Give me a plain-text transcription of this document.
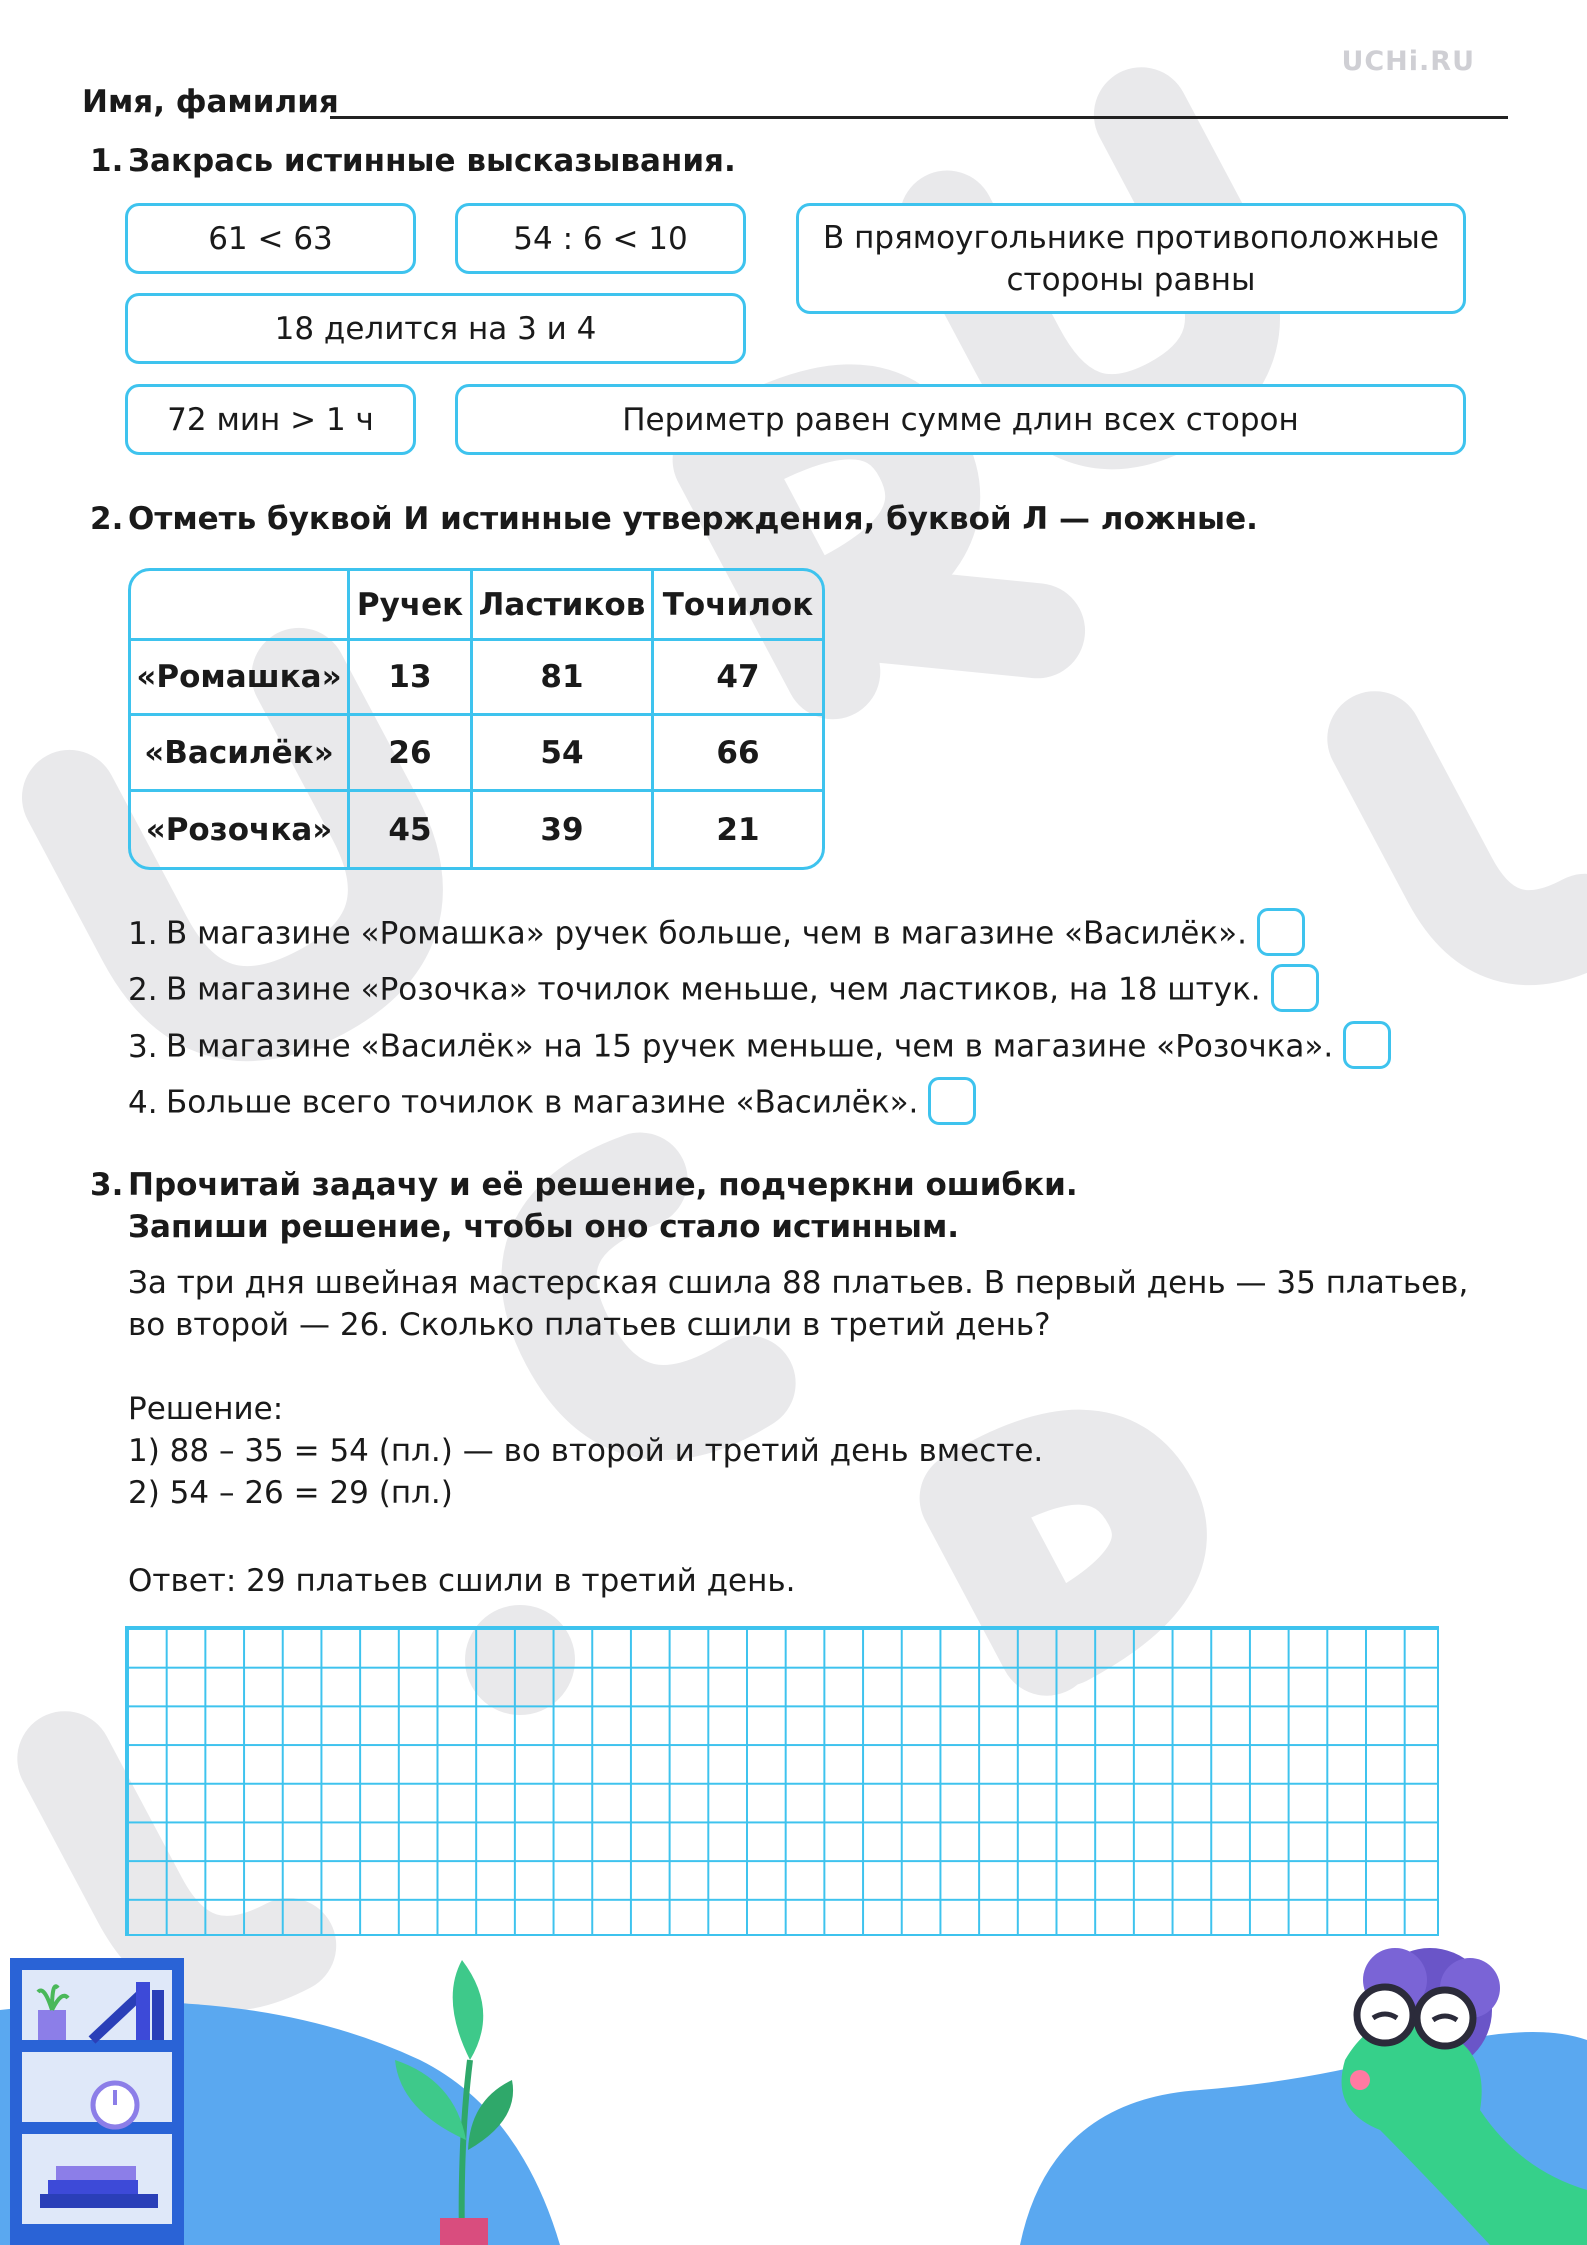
UCHi.RU
Имя, фамилия
1. Закрась истинные высказывания.
61 < 63	54 : 6 < 10	В прямоугольнике противоположные стороны равны
18 делится на 3 и 4
72 мин > 1 ч	Периметр равен сумме длин всех сторон
2. Отметь буквой И истинные утверждения, буквой Л — ложные.
	Ручек	Ластиков	Точилок
«Ромашка»	13	81	47
«Василёк»	26	54	66
«Розочка»	45	39	21
1. В магазине «Ромашка» ручек больше, чем в магазине «Василёк».
2. В магазине «Розочка» точилок меньше, чем ластиков, на 18 штук.
3. В магазине «Василёк» на 15 ручек меньше, чем в магазине «Розочка».
4. Больше всего точилок в магазине «Василёк».
3. Прочитай задачу и её решение, подчеркни ошибки.
Запиши решение, чтобы оно стало истинным.
За три дня швейная мастерская сшила 88 платьев. В первый день — 35 платьев,
во второй — 26. Сколько платьев сшили в третий день?
Решение:
1) 88 – 35 = 54 (пл.) — во второй и третий день вместе.
2) 54 – 26 = 29 (пл.)
Ответ: 29 платьев сшили в третий день.
